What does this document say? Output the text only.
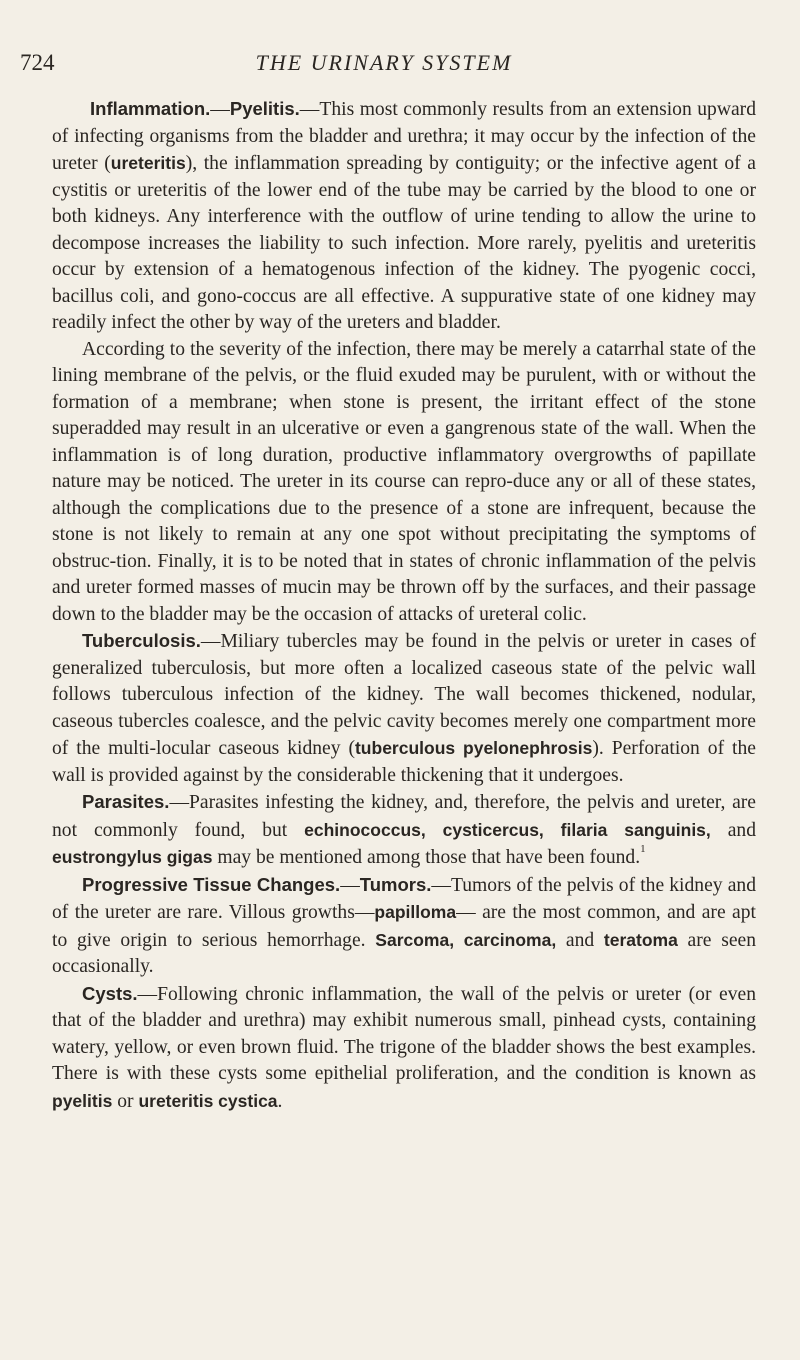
724	THE URINARY SYSTEM

Inflammation.—Pyelitis.—This most commonly results from an extension upward of infecting organisms from the bladder and urethra; it may occur by the infection of the ureter (ureteritis), the inflammation spreading by contiguity; or the infective agent of a cystitis or ureteritis of the lower end of the tube may be carried by the blood to one or both kidneys. Any interference with the outflow of urine tending to allow the urine to decompose increases the liability to such infection. More rarely, pyelitis and ureteritis occur by extension of a hematogenous infection of the kidney. The pyogenic cocci, bacillus coli, and gono-coccus are all effective. A suppurative state of one kidney may readily infect the other by way of the ureters and bladder.

According to the severity of the infection, there may be merely a catarrhal state of the lining membrane of the pelvis, or the fluid exuded may be purulent, with or without the formation of a membrane; when stone is present, the irritant effect of the stone superadded may result in an ulcerative or even a gangrenous state of the wall. When the inflammation is of long duration, productive inflammatory overgrowths of papillate nature may be noticed. The ureter in its course can repro-duce any or all of these states, although the complications due to the presence of a stone are infrequent, because the stone is not likely to remain at any one spot without precipitating the symptoms of obstruc-tion. Finally, it is to be noted that in states of chronic inflammation of the pelvis and ureter formed masses of mucin may be thrown off by the surfaces, and their passage down to the bladder may be the occasion of attacks of ureteral colic.

Tuberculosis.—Miliary tubercles may be found in the pelvis or ureter in cases of generalized tuberculosis, but more often a localized caseous state of the pelvic wall follows tuberculous infection of the kidney. The wall becomes thickened, nodular, caseous tubercles coalesce, and the pelvic cavity becomes merely one compartment more of the multi-locular caseous kidney (tuberculous pyelonephrosis). Perforation of the wall is provided against by the considerable thickening that it undergoes.

Parasites.—Parasites infesting the kidney, and, therefore, the pelvis and ureter, are not commonly found, but echinococcus, cysticercus, filaria sanguinis, and eustrongylus gigas may be mentioned among those that have been found.$^1$

Progressive Tissue Changes.—Tumors.—Tumors of the pelvis of the kidney and of the ureter are rare. Villous growths—papilloma— are the most common, and are apt to give origin to serious hemorrhage. Sarcoma, carcinoma, and teratoma are seen occasionally.

Cysts.—Following chronic inflammation, the wall of the pelvis or ureter (or even that of the bladder and urethra) may exhibit numerous small, pinhead cysts, containing watery, yellow, or even brown fluid. The trigone of the bladder shows the best examples. There is with these cysts some epithelial proliferation, and the condition is known as pyelitis or ureteritis cystica.
